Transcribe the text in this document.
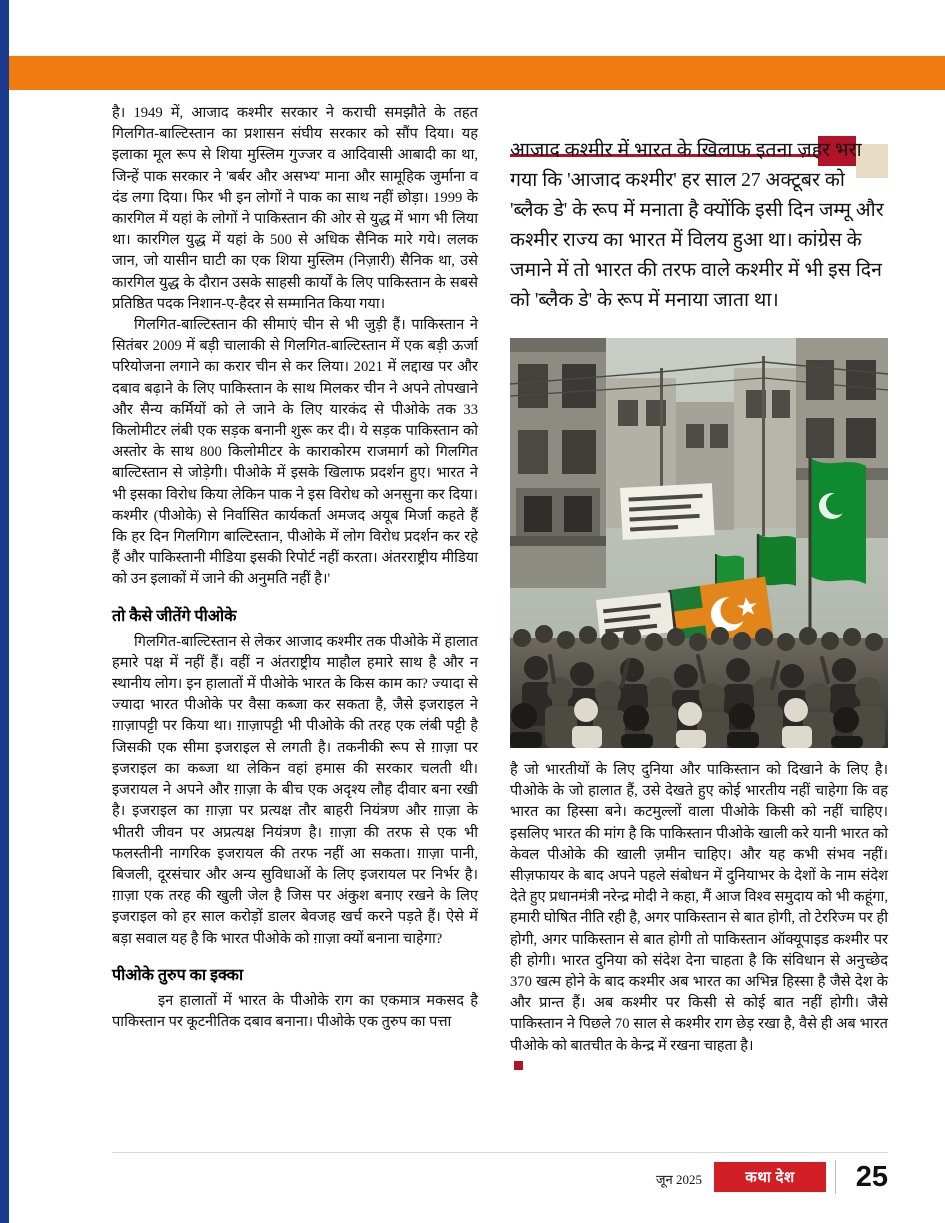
है। 1949 में, आजाद कश्मीर सरकार ने कराची समझौते के तहत गिलगित-बाल्टिस्तान का प्रशासन संघीय सरकार को सौंप दिया। यह इलाका मूल रूप से शिया मुस्लिम गुज्जर व आदिवासी आबादी का था, जिन्हें पाक सरकार ने 'बर्बर और असभ्य' माना और सामूहिक जुर्माना व दंड लगा दिया। फिर भी इन लोगों ने पाक का साथ नहीं छोड़ा। 1999 के कारगिल में यहां के लोगों ने पाकिस्तान की ओर से युद्ध में भाग भी लिया था। कारगिल युद्ध में यहां के 500 से अधिक सैनिक मारे गये। ललक जान, जो यासीन घाटी का एक शिया मुस्लिम (निज़ारी) सैनिक था, उसे कारगिल युद्ध के दौरान उसके साहसी कार्यों के लिए पाकिस्तान के सबसे प्रतिष्ठित पदक निशान-ए-हैदर से सम्मानित किया गया।

गिलगित-बाल्टिस्तान की सीमाएं चीन से भी जुड़ी हैं। पाकिस्तान ने सितंबर 2009 में बड़ी चालाकी से गिलगित-बाल्टिस्तान में एक बड़ी ऊर्जा परियोजना लगाने का करार चीन से कर लिया। 2021 में लद्दाख पर और दबाव बढ़ाने के लिए पाकिस्तान के साथ मिलकर चीन ने अपने तोपखाने और सैन्य कर्मियों को ले जाने के लिए यारकंद से पीओके तक 33 किलोमीटर लंबी एक सड़क बनानी शुरू कर दी। ये सड़क पाकिस्तान को अस्तोर के साथ 800 किलोमीटर के काराकोरम राजमार्ग को गिलगित बाल्टिस्तान से जोड़ेगी। पीओके में इसके खिलाफ प्रदर्शन हुए। भारत ने भी इसका विरोध किया लेकिन पाक ने इस विरोध को अनसुना कर दिया। कश्मीर (पीओके) से निर्वासित कार्यकर्ता अमजद अयूब मिर्जा कहते हैं कि हर दिन गिलगिाग बाल्टिस्तान, पीओके में लोग विरोध प्रदर्शन कर रहे हैं और पाकिस्तानी मीडिया इसकी रिपोर्ट नहीं करता। अंतरराष्ट्रीय मीडिया को उन इलाकों में जाने की अनुमति नहीं है।'

तो कैसे जीतेंगे पीओके

गिलगित-बाल्टिस्तान से लेकर आजाद कश्मीर तक पीओके में हालात हमारे पक्ष में नहीं हैं। वहीं न अंतराष्ट्रीय माहौल हमारे साथ है और न स्थानीय लोग। इन हालातों में पीओके भारत के किस काम का? ज्यादा से ज्यादा भारत पीओके पर वैसा कब्जा कर सकता है, जैसे इजराइल ने ग़ाज़ापट्टी पर किया था। ग़ाज़ापट्टी भी पीओके की तरह एक लंबी पट्टी है जिसकी एक सीमा इजराइल से लगती है। तकनीकी रूप से ग़ाज़ा पर इजराइल का कब्जा था लेकिन वहां हमास की सरकार चलती थी। इजरायल ने अपने और ग़ाज़ा के बीच एक अदृश्य लौह दीवार बना रखी है। इजराइल का ग़ाज़ा पर प्रत्यक्ष तौर बाहरी नियंत्रण और ग़ाज़ा के भीतरी जीवन पर अप्रत्यक्ष नियंत्रण है। ग़ाज़ा की तरफ से एक भी फलस्तीनी नागरिक इजरायल की तरफ नहीं आ सकता। ग़ाज़ा पानी, बिजली, दूरसंचार और अन्य सुविधाओं के लिए इजरायल पर निर्भर है। ग़ाज़ा एक तरह की खुली जेल है जिस पर अंकुश बनाए रखने के लिए इजराइल को हर साल करोड़ों डालर बेवजह खर्च करने पड़ते हैं। ऐसे में बड़ा सवाल यह है कि भारत पीओके को ग़ाज़ा क्यों बनाना चाहेगा?

पीओके तुरुप का इक्का

इन हालातों में भारत के पीओके राग का एकमात्र मकसद है पाकिस्तान पर कूटनीतिक दबाव बनाना। पीओके एक तुरुप का पत्ता

आजाद कश्मीर में भारत के खिलाफ इतना ज़हर भरा गया कि 'आजाद कश्मीर' हर साल 27 अक्टूबर को 'ब्लैक डे' के रूप में मनाता है क्योंकि इसी दिन जम्मू और कश्मीर राज्य का भारत में विलय हुआ था। कांग्रेस के जमाने में तो भारत की तरफ वाले कश्मीर में भी इस दिन को 'ब्लैक डे' के रूप में मनाया जाता था।

है जो भारतीयों के लिए दुनिया और पाकिस्तान को दिखाने के लिए है। पीओके के जो हालात हैं, उसे देखते हुए कोई भारतीय नहीं चाहेगा कि वह भारत का हिस्सा बने। कटमुल्लों वाला पीओके किसी को नहीं चाहिए। इसलिए भारत की मांग है कि पाकिस्तान पीओके खाली करे यानी भारत को केवल पीओके की खाली ज़मीन चाहिए। और यह कभी संभव नहीं। सीज़फायर के बाद अपने पहले संबोधन में दुनियाभर के देशों के नाम संदेश देते हुए प्रधानमंत्री नरेन्द्र मोदी ने कहा, मैं आज विश्व समुदाय को भी कहूंगा, हमारी घोषित नीति रही है, अगर पाकिस्तान से बात होगी, तो टेररिज्म पर ही होगी, अगर पाकिस्तान से बात होगी तो पाकिस्तान ऑक्यूपाइड कश्मीर पर ही होगी। भारत दुनिया को संदेश देना चाहता है कि संविधान से अनुच्छेद 370 खत्म होने के बाद कश्मीर अब भारत का अभिन्न हिस्सा है जैसे देश के और प्रान्त हैं। अब कश्मीर पर किसी से कोई बात नहीं होगी। जैसे पाकिस्तान ने पिछले 70 साल से कश्मीर राग छेड़ रखा है, वैसे ही अब भारत पीओके को बातचीत के केन्द्र में रखना चाहता है।

जून 2025	कथा देश	25
